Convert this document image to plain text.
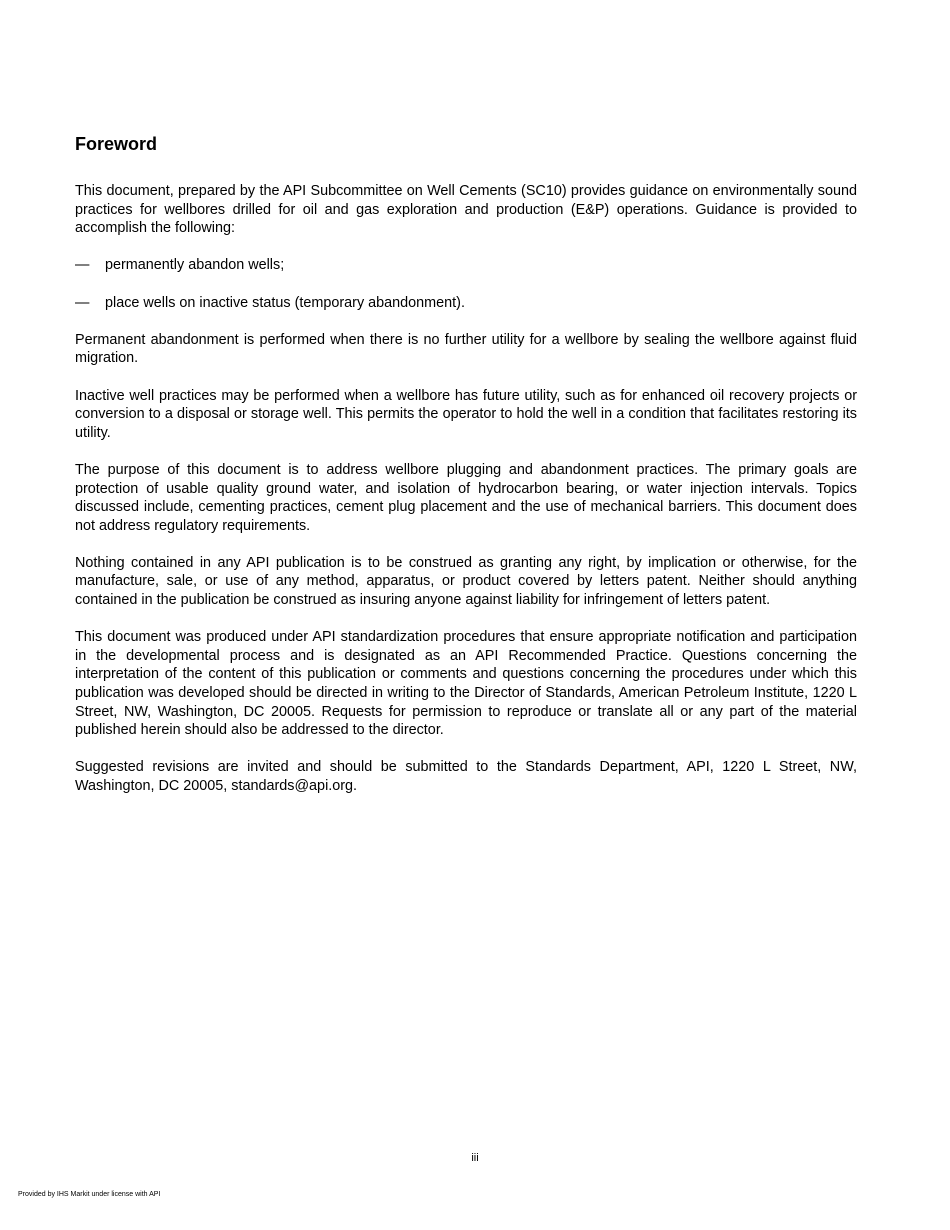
Foreword

This document, prepared by the API Subcommittee on Well Cements (SC10) provides guidance on environmentally sound practices for wellbores drilled for oil and gas exploration and production (E&P) operations. Guidance is provided to accomplish the following:

—	permanently abandon wells;
—	place wells on inactive status (temporary abandonment).

Permanent abandonment is performed when there is no further utility for a wellbore by sealing the wellbore against fluid migration.

Inactive well practices may be performed when a wellbore has future utility, such as for enhanced oil recovery projects or conversion to a disposal or storage well. This permits the operator to hold the well in a condition that facilitates restoring its utility.

The purpose of this document is to address wellbore plugging and abandonment practices. The primary goals are protection of usable quality ground water, and isolation of hydrocarbon bearing, or water injection intervals. Topics discussed include, cementing practices, cement plug placement and the use of mechanical barriers. This document does not address regulatory requirements.

Nothing contained in any API publication is to be construed as granting any right, by implication or otherwise, for the manufacture, sale, or use of any method, apparatus, or product covered by letters patent. Neither should anything contained in the publication be construed as insuring anyone against liability for infringement of letters patent.

This document was produced under API standardization procedures that ensure appropriate notification and participation in the developmental process and is designated as an API Recommended Practice. Questions concerning the interpretation of the content of this publication or comments and questions concerning the procedures under which this publication was developed should be directed in writing to the Director of Standards, American Petroleum Institute, 1220 L Street, NW, Washington, DC 20005. Requests for permission to reproduce or translate all or any part of the material published herein should also be addressed to the director.

Suggested revisions are invited and should be submitted to the Standards Department, API, 1220 L Street, NW, Washington, DC 20005, standards@api.org.

iii
Provided by IHS Markit under license with API
